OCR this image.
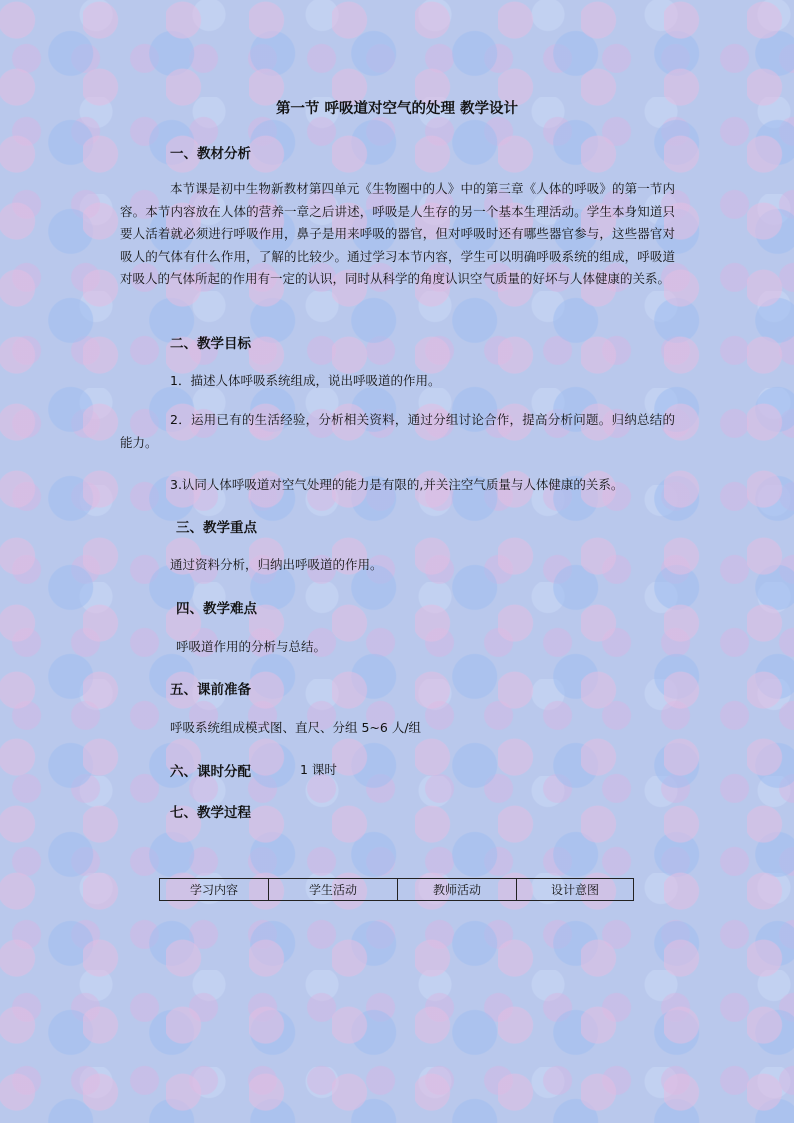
第一节 呼吸道对空气的处理 教学设计
一、教材分析
本节课是初中生物新教材第四单元《生物圈中的人》中的第三章《人体的呼吸》的第一节内容。本节内容放在人体的营养一章之后讲述，呼吸是人生存的另一个基本生理活动。学生本身知道只要人活着就必须进行呼吸作用，鼻子是用来呼吸的器官，但对呼吸时还有哪些器官参与，这些器官对吸人的气体有什么作用，了解的比较少。通过学习本节内容，学生可以明确呼吸系统的组成，呼吸道对吸人的气体所起的作用有一定的认识，同时从科学的角度认识空气质量的好坏与人体健康的关系。
二、教学目标
1．描述人体呼吸系统组成，说出呼吸道的作用。
2．运用已有的生活经验，分析相关资料，通过分组讨论合作，提高分析问题。归纳总结的能力。
3.认同人体呼吸道对空气处理的能力是有限的,并关注空气质量与人体健康的关系。
三、教学重点
通过资料分析，归纳出呼吸道的作用。
四、教学难点
呼吸道作用的分析与总结。
五、课前准备
呼吸系统组成模式图、直尺、分组 5~6 人/组
六、课时分配	1 课时
七、教学过程
学习内容	学生活动	教师活动	设计意图
